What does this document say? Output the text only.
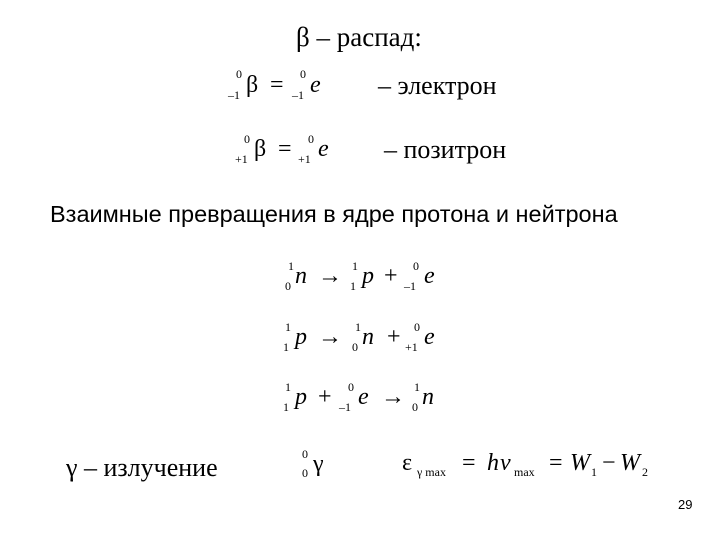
β – распад:
0
–1 β = 0
–1 e – электрон
0
+1 β = 0
+1 e – позитрон
Взаимные превращения в ядре протона и нейтрона
1
0 n → 1
1 p + 0
–1 e
1
1 p → 1
0 n + 0
+1 e
1
1 p + 0
–1 e → 1
0 n
γ – излучение	0
0 γ	ε γ max = h ν max = W 1 − W 2
29
